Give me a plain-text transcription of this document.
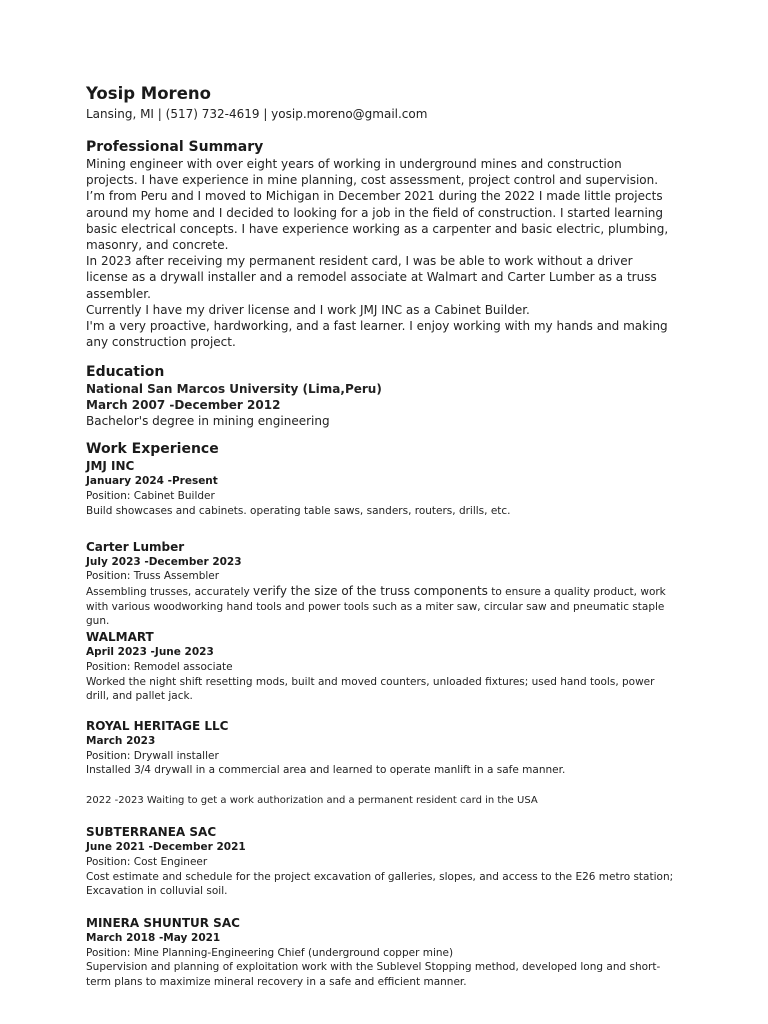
Yosip Moreno
Lansing, MI | (517) 732-4619 | yosip.moreno@gmail.com
Professional Summary

Mining engineer with over eight years of working in underground mines and construction projects. I have experience in mine planning, cost assessment, project control and supervision.

I’m from Peru and I moved to Michigan in December 2021 during the 2022 I made little projects around my home and I decided to looking for a job in the field of construction. I started learning basic electrical concepts. I have experience working as a carpenter and basic electric, plumbing, masonry, and concrete.

In 2023 after receiving my permanent resident card, I was be able to work without a driver license as a drywall installer and a remodel associate at Walmart and Carter Lumber as a truss assembler.

Currently I have my driver license and I work JMJ INC as a Cabinet Builder.

I'm a very proactive, hardworking, and a fast learner. I enjoy working with my hands and making any construction project.

Education
National San Marcos University (Lima,Peru)
March 2007 -December 2012
Bachelor's degree in mining engineering
Work Experience
JMJ INC
January 2024 -Present
Position: Cabinet Builder
Build showcases and cabinets. operating table saws, sanders, routers, drills, etc.
Carter Lumber
July 2023 -December 2023
Position: Truss Assembler
Assembling trusses, accurately verify the size of the truss components to ensure a quality product, work with various woodworking hand tools and power tools such as a miter saw, circular saw and pneumatic staple gun.
WALMART
April 2023 -June 2023
Position: Remodel associate
Worked the night shift resetting mods, built and moved counters, unloaded fixtures; used hand tools, power drill, and pallet jack.
ROYAL HERITAGE LLC
March 2023
Position: Drywall installer
Installed 3/4 drywall in a commercial area and learned to operate manlift in a safe manner.
2022 -2023 Waiting to get a work authorization and a permanent resident card in the USA
SUBTERRANEA SAC
June 2021 -December 2021
Position: Cost Engineer
Cost estimate and schedule for the project excavation of galleries, slopes, and access to the E26 metro station; Excavation in colluvial soil.
MINERA SHUNTUR SAC
March 2018 -May 2021
Position: Mine Planning-Engineering Chief (underground copper mine)
Supervision and planning of exploitation work with the Sublevel Stopping method, developed long and short-term plans to maximize mineral recovery in a safe and efficient manner.
